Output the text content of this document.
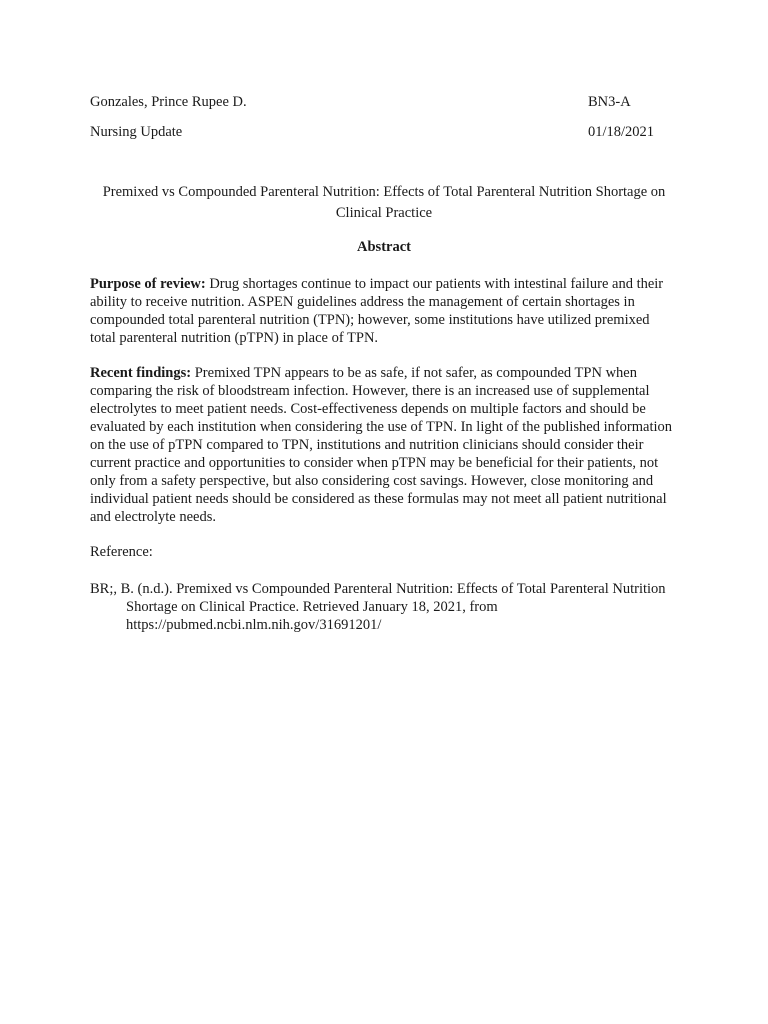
Gonzales, Prince Rupee D.	BN3-A
Nursing Update	01/18/2021
Premixed vs Compounded Parenteral Nutrition: Effects of Total Parenteral Nutrition Shortage on Clinical Practice
Abstract
Purpose of review: Drug shortages continue to impact our patients with intestinal failure and their ability to receive nutrition. ASPEN guidelines address the management of certain shortages in compounded total parenteral nutrition (TPN); however, some institutions have utilized premixed total parenteral nutrition (pTPN) in place of TPN.
Recent findings: Premixed TPN appears to be as safe, if not safer, as compounded TPN when comparing the risk of bloodstream infection. However, there is an increased use of supplemental electrolytes to meet patient needs. Cost-effectiveness depends on multiple factors and should be evaluated by each institution when considering the use of TPN. In light of the published information on the use of pTPN compared to TPN, institutions and nutrition clinicians should consider their current practice and opportunities to consider when pTPN may be beneficial for their patients, not only from a safety perspective, but also considering cost savings. However, close monitoring and individual patient needs should be considered as these formulas may not meet all patient nutritional and electrolyte needs.
Reference:
BR;, B. (n.d.). Premixed vs Compounded Parenteral Nutrition: Effects of Total Parenteral Nutrition Shortage on Clinical Practice. Retrieved January 18, 2021, from https://pubmed.ncbi.nlm.nih.gov/31691201/
